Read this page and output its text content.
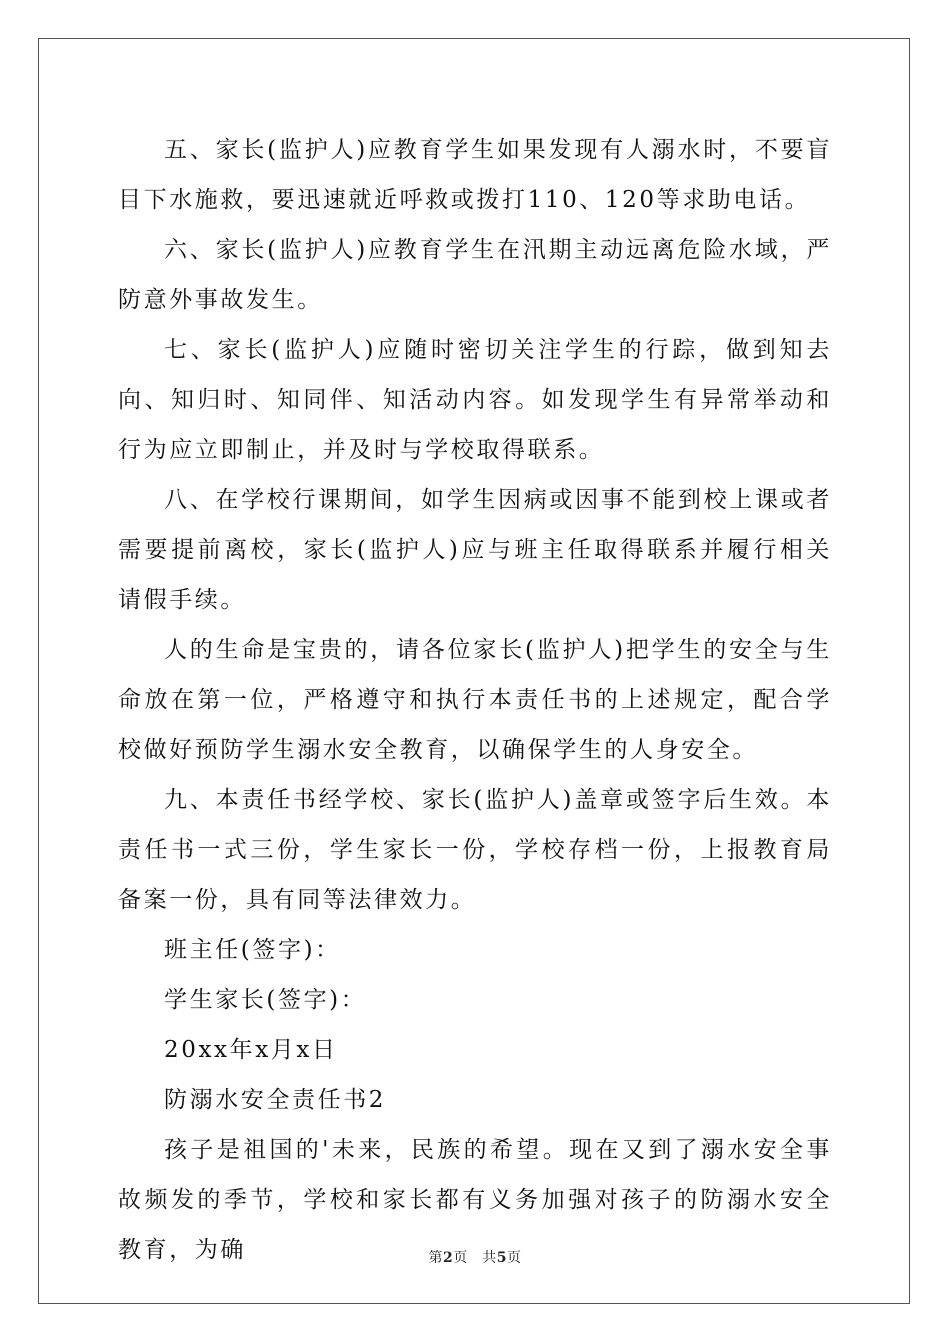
五、家长(监护人)应教育学生如果发现有人溺水时，不要盲目下水施救，要迅速就近呼救或拨打110、120等求助电话。

六、家长(监护人)应教育学生在汛期主动远离危险水域，严防意外事故发生。

七、家长(监护人)应随时密切关注学生的行踪，做到知去向、知归时、知同伴、知活动内容。如发现学生有异常举动和行为应立即制止，并及时与学校取得联系。

八、在学校行课期间，如学生因病或因事不能到校上课或者需要提前离校，家长(监护人)应与班主任取得联系并履行相关请假手续。

人的生命是宝贵的，请各位家长(监护人)把学生的安全与生命放在第一位，严格遵守和执行本责任书的上述规定，配合学校做好预防学生溺水安全教育，以确保学生的人身安全。

九、本责任书经学校、家长(监护人)盖章或签字后生效。本责任书一式三份，学生家长一份，学校存档一份，上报教育局备案一份，具有同等法律效力。

班主任(签字)：

学生家长(签字)：

20xx年x月x日

防溺水安全责任书2

孩子是祖国的'未来，民族的希望。现在又到了溺水安全事故频发的季节，学校和家长都有义务加强对孩子的防溺水安全教育，为确	第2页　共5页
